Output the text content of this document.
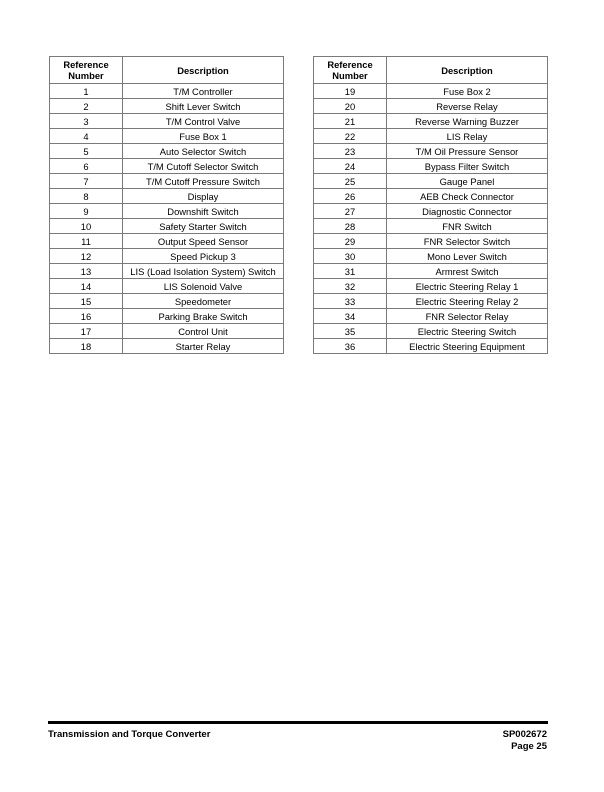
Reference Number	Description
1	T/M Controller
2	Shift Lever Switch
3	T/M Control Valve
4	Fuse Box 1
5	Auto Selector Switch
6	T/M Cutoff Selector Switch
7	T/M Cutoff Pressure Switch
8	Display
9	Downshift Switch
10	Safety Starter Switch
11	Output Speed Sensor
12	Speed Pickup 3
13	LIS (Load Isolation System) Switch
14	LIS Solenoid Valve
15	Speedometer
16	Parking Brake Switch
17	Control Unit
18	Starter Relay
Reference Number	Description
19	Fuse Box 2
20	Reverse Relay
21	Reverse Warning Buzzer
22	LIS Relay
23	T/M Oil Pressure Sensor
24	Bypass Filter Switch
25	Gauge Panel
26	AEB Check Connector
27	Diagnostic Connector
28	FNR Switch
29	FNR Selector Switch
30	Mono Lever Switch
31	Armrest Switch
32	Electric Steering Relay 1
33	Electric Steering Relay 2
34	FNR Selector Relay
35	Electric Steering Switch
36	Electric Steering Equipment
Transmission and Torque Converter	SP002672
Page 25
